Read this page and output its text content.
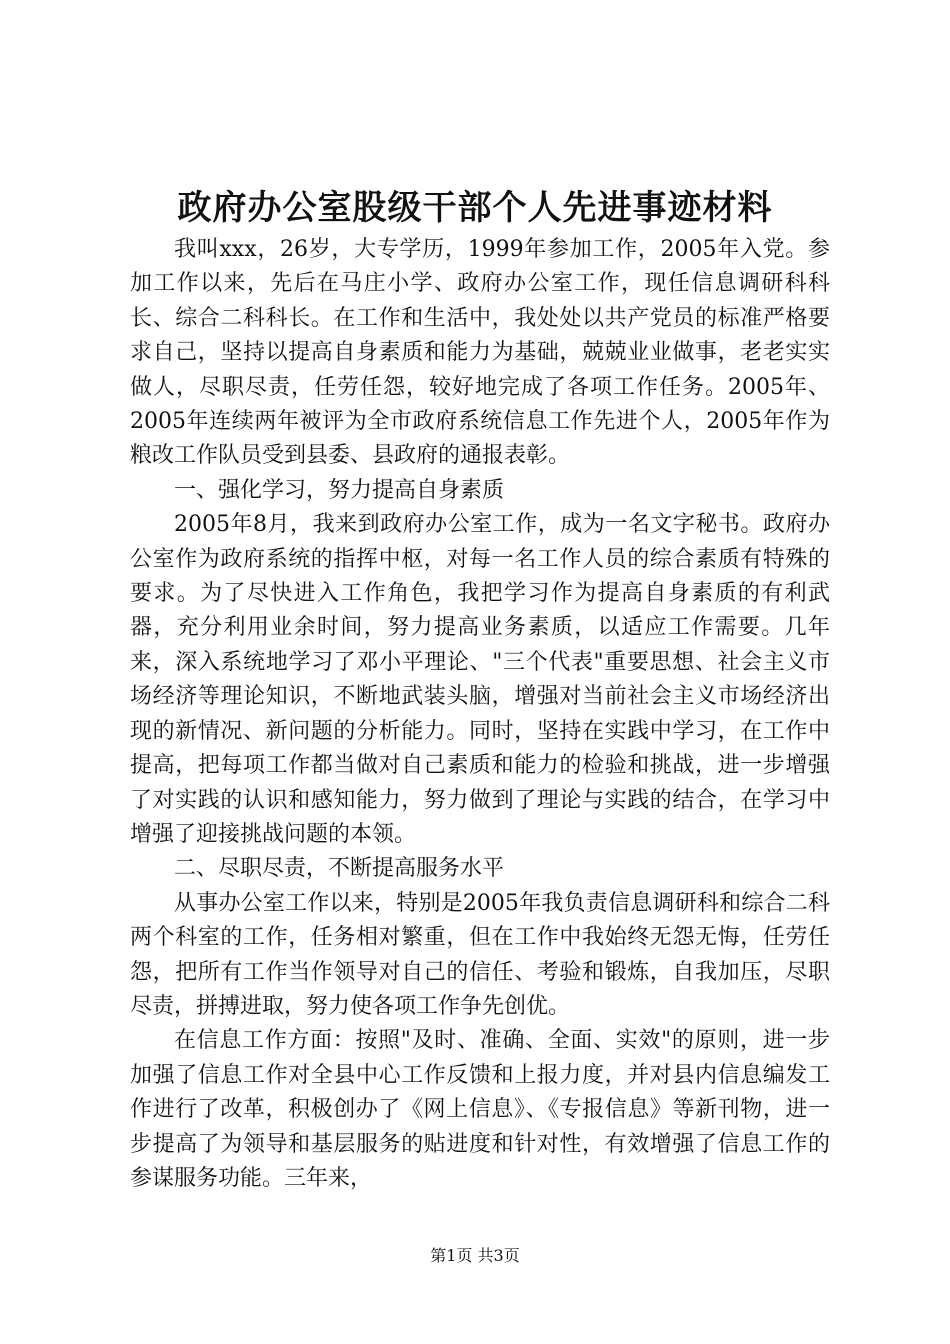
政府办公室股级干部个人先进事迹材料

我叫xxx，26岁，大专学历，1999年参加工作，2005年入党。参加工作以来，先后在马庄小学、政府办公室工作，现任信息调研科科长、综合二科科长。在工作和生活中，我处处以共产党员的标准严格要求自己，坚持以提高自身素质和能力为基础，兢兢业业做事，老老实实做人，尽职尽责，任劳任怨，较好地完成了各项工作任务。2005年、2005年连续两年被评为全市政府系统信息工作先进个人，2005年作为粮改工作队员受到县委、县政府的通报表彰。

一、强化学习，努力提高自身素质

2005年8月，我来到政府办公室工作，成为一名文字秘书。政府办公室作为政府系统的指挥中枢，对每一名工作人员的综合素质有特殊的要求。为了尽快进入工作角色，我把学习作为提高自身素质的有利武器，充分利用业余时间，努力提高业务素质，以适应工作需要。几年来，深入系统地学习了邓小平理论、"三个代表"重要思想、社会主义市场经济等理论知识，不断地武装头脑，增强对当前社会主义市场经济出现的新情况、新问题的分析能力。同时，坚持在实践中学习，在工作中提高，把每项工作都当做对自己素质和能力的检验和挑战，进一步增强了对实践的认识和感知能力，努力做到了理论与实践的结合，在学习中增强了迎接挑战问题的本领。

二、尽职尽责，不断提高服务水平

从事办公室工作以来，特别是2005年我负责信息调研科和综合二科两个科室的工作，任务相对繁重，但在工作中我始终无怨无悔，任劳任怨，把所有工作当作领导对自己的信任、考验和锻炼，自我加压，尽职尽责，拼搏进取，努力使各项工作争先创优。

在信息工作方面：按照"及时、准确、全面、实效"的原则，进一步加强了信息工作对全县中心工作反馈和上报力度，并对县内信息编发工作进行了改革，积极创办了《网上信息》、《专报信息》等新刊物，进一步提高了为领导和基层服务的贴进度和针对性，有效增强了信息工作的参谋服务功能。三年来，

第1页 共3页
